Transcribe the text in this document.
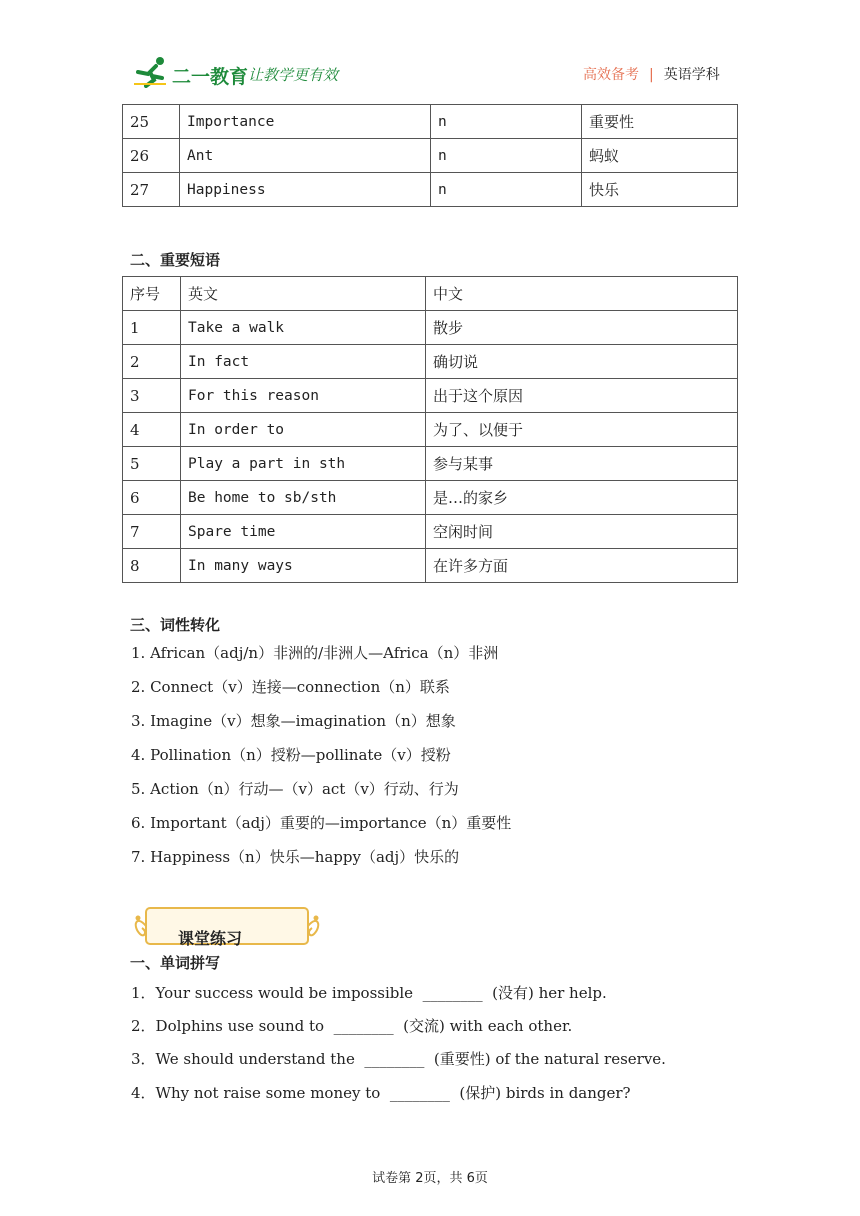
二一教育 让教学更有效	高效备考 | 英语学科
25	Importance	n	重要性
26	Ant	n	蚂蚁
27	Happiness	n	快乐
二、重要短语
序号	英文	中文
1	Take a walk	散步
2	In fact	确切说
3	For this reason	出于这个原因
4	In order to	为了、以便于
5	Play a part in sth	参与某事
6	Be home to sb/sth	是…的家乡
7	Spare time	空闲时间
8	In many ways	在许多方面
三、词性转化
1. African（adj/n）非洲的/非洲人—Africa（n）非洲
2. Connect（v）连接—connection（n）联系
3. Imagine（v）想象—imagination（n）想象
4. Pollination（n）授粉—pollinate（v）授粉
5. Action（n）行动—（v）act（v）行动、行为
6. Important（adj）重要的—importance（n）重要性
7. Happiness（n）快乐—happy（adj）快乐的
课堂练习
一、单词拼写
1．Your success would be impossible  ________  (没有) her help.
2．Dolphins use sound to  ________  (交流) with each other.
3．We should understand the  ________  (重要性) of the natural reserve.
4．Why not raise some money to  ________  (保护) birds in danger?
试卷第 2页，共 6页
